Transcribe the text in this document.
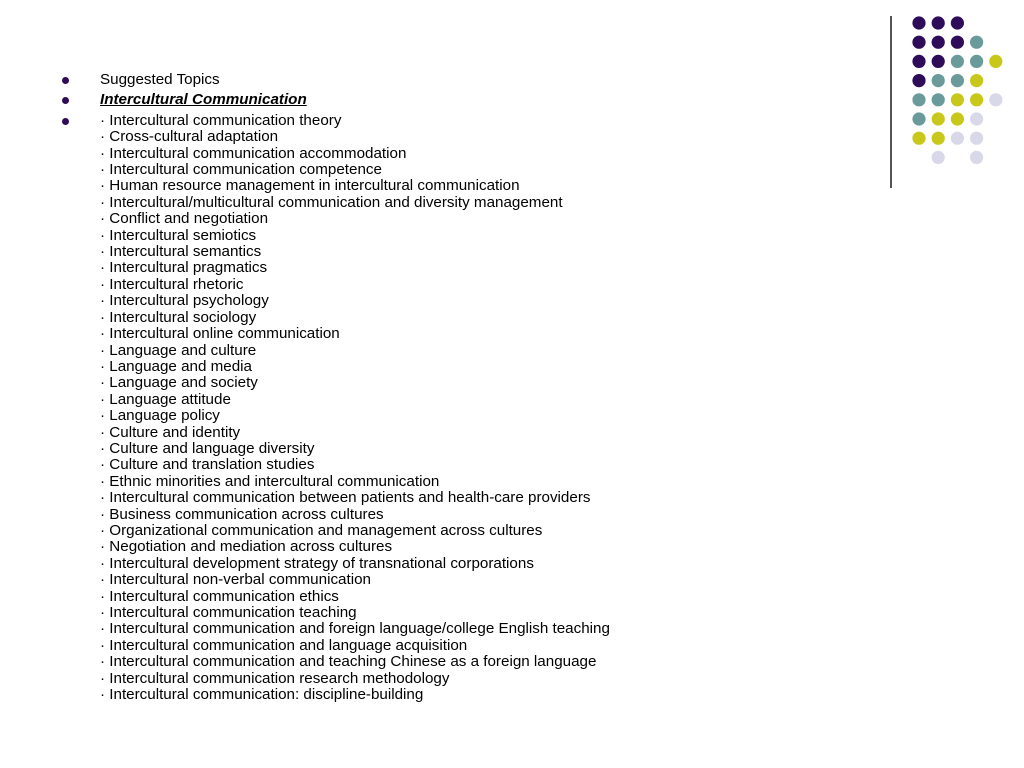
Suggested Topics
Intercultural Communication
· Intercultural communication theory
· Cross-cultural adaptation
· Intercultural communication accommodation
· Intercultural communication competence
· Human resource management in intercultural communication
· Intercultural/multicultural communication and diversity management
· Conflict and negotiation
· Intercultural semiotics
· Intercultural semantics
· Intercultural pragmatics
· Intercultural rhetoric
· Intercultural psychology
· Intercultural sociology
· Intercultural online communication
· Language and culture
· Language and media
· Language and society
· Language attitude
· Language policy
· Culture and identity
· Culture and language diversity
· Culture and translation studies
· Ethnic minorities and intercultural communication
· Intercultural communication between patients and health-care providers
· Business communication across cultures
· Organizational communication and management across cultures
· Negotiation and mediation across cultures
· Intercultural development strategy of transnational corporations
· Intercultural non-verbal communication
· Intercultural communication ethics
· Intercultural communication teaching
· Intercultural communication and foreign language/college English teaching
· Intercultural communication and language acquisition
· Intercultural communication and teaching Chinese as a foreign language
· Intercultural communication research methodology
· Intercultural communication: discipline-building
